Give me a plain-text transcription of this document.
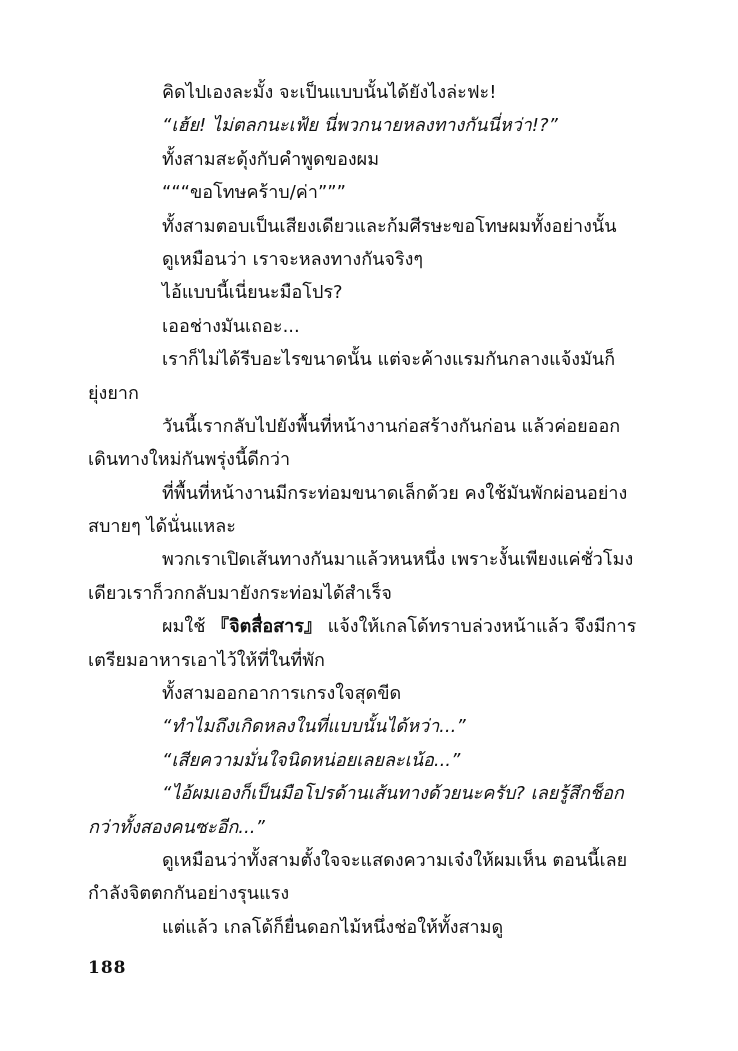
คิดไปเองละมั้ง จะเป็นแบบนั้นได้ยังไงล่ะฟะ!
“เฮ้ย! ไม่ตลกนะเฟ้ย นี่พวกนายหลงทางกันนี่หว่า!?”
ทั้งสามสะดุ้งกับคำพูดของผม
“““ขอโทษคร้าบ/ค่า”””
ทั้งสามตอบเป็นเสียงเดียวและก้มศีรษะขอโทษผมทั้งอย่างนั้น
ดูเหมือนว่า เราจะหลงทางกันจริงๆ
ไอ้แบบนี้เนี่ยนะมือโปร?
เออช่างมันเถอะ...
เราก็ไม่ได้รีบอะไรขนาดนั้น แต่จะค้างแรมกันกลางแจ้งมันก็
ยุ่งยาก
วันนี้เรากลับไปยังพื้นที่หน้างานก่อสร้างกันก่อน แล้วค่อยออก
เดินทางใหม่กันพรุ่งนี้ดีกว่า
ที่พื้นที่หน้างานมีกระท่อมขนาดเล็กด้วย คงใช้มันพักผ่อนอย่าง
สบายๆ ได้นั่นแหละ
พวกเราเปิดเส้นทางกันมาแล้วหนหนึ่ง เพราะงั้นเพียงแค่ชั่วโมง
เดียวเราก็วกกลับมายังกระท่อมได้สำเร็จ
ผมใช้ 『จิตสื่อสาร』 แจ้งให้เกลโด้ทราบล่วงหน้าแล้ว จึงมีการ
เตรียมอาหารเอาไว้ให้ที่ในที่พัก
ทั้งสามออกอาการเกรงใจสุดขีด
“ทำไมถึงเกิดหลงในที่แบบนั้นได้หว่า...”
“เสียความมั่นใจนิดหน่อยเลยละเน้อ...”
“ไอ้ผมเองก็เป็นมือโปรด้านเส้นทางด้วยนะครับ? เลยรู้สึกช็อก
กว่าทั้งสองคนซะอีก...”
ดูเหมือนว่าทั้งสามตั้งใจจะแสดงความเจ๋งให้ผมเห็น ตอนนี้เลย
กำลังจิตตกกันอย่างรุนแรง
แต่แล้ว เกลโด้ก็ยื่นดอกไม้หนึ่งช่อให้ทั้งสามดู
188
